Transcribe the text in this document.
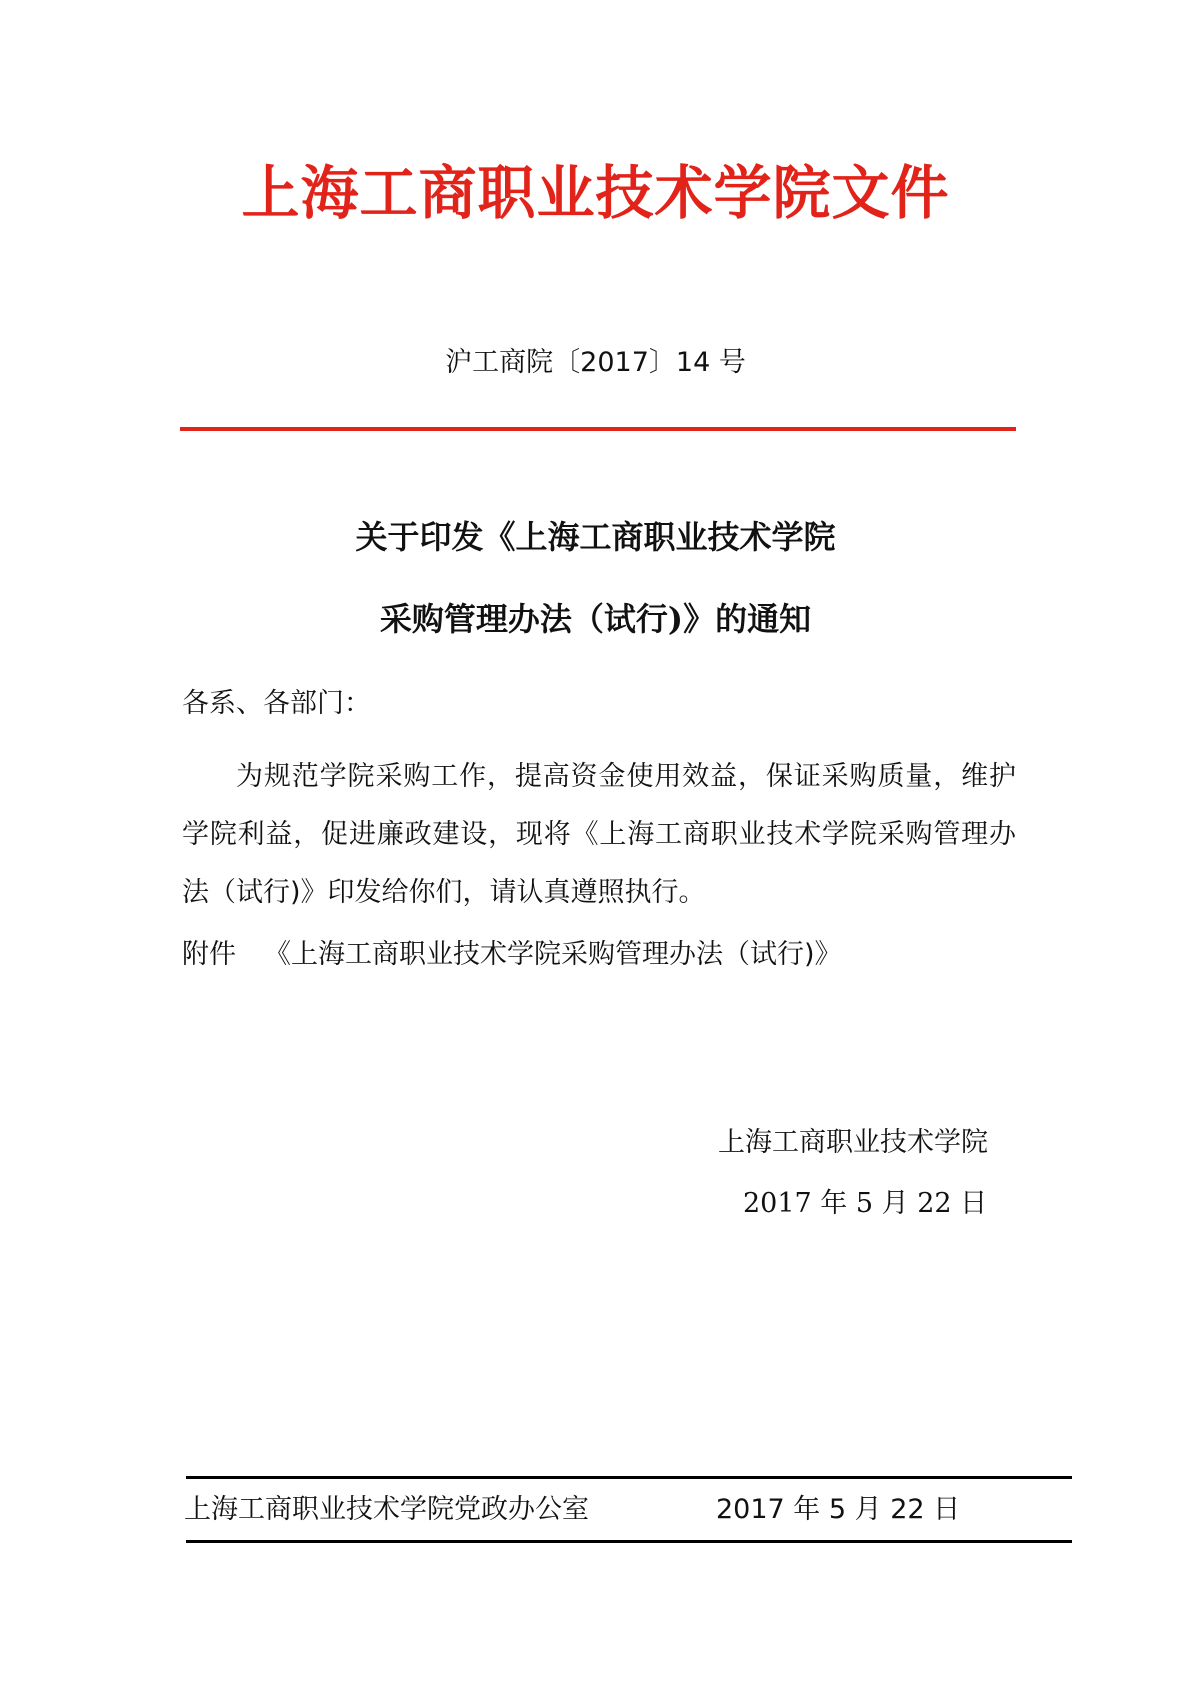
上海工商职业技术学院文件
沪工商院〔2017〕14 号
关于印发《上海工商职业技术学院
采购管理办法（试行)》的通知
各系、各部门：
为规范学院采购工作，提高资金使用效益，保证采购质量，维护学院利益，促进廉政建设，现将《上海工商职业技术学院采购管理办法（试行)》印发给你们，请认真遵照执行。
附件 《上海工商职业技术学院采购管理办法（试行)》
上海工商职业技术学院
2017 年 5 月 22 日
上海工商职业技术学院党政办公室	2017 年 5 月 22 日
